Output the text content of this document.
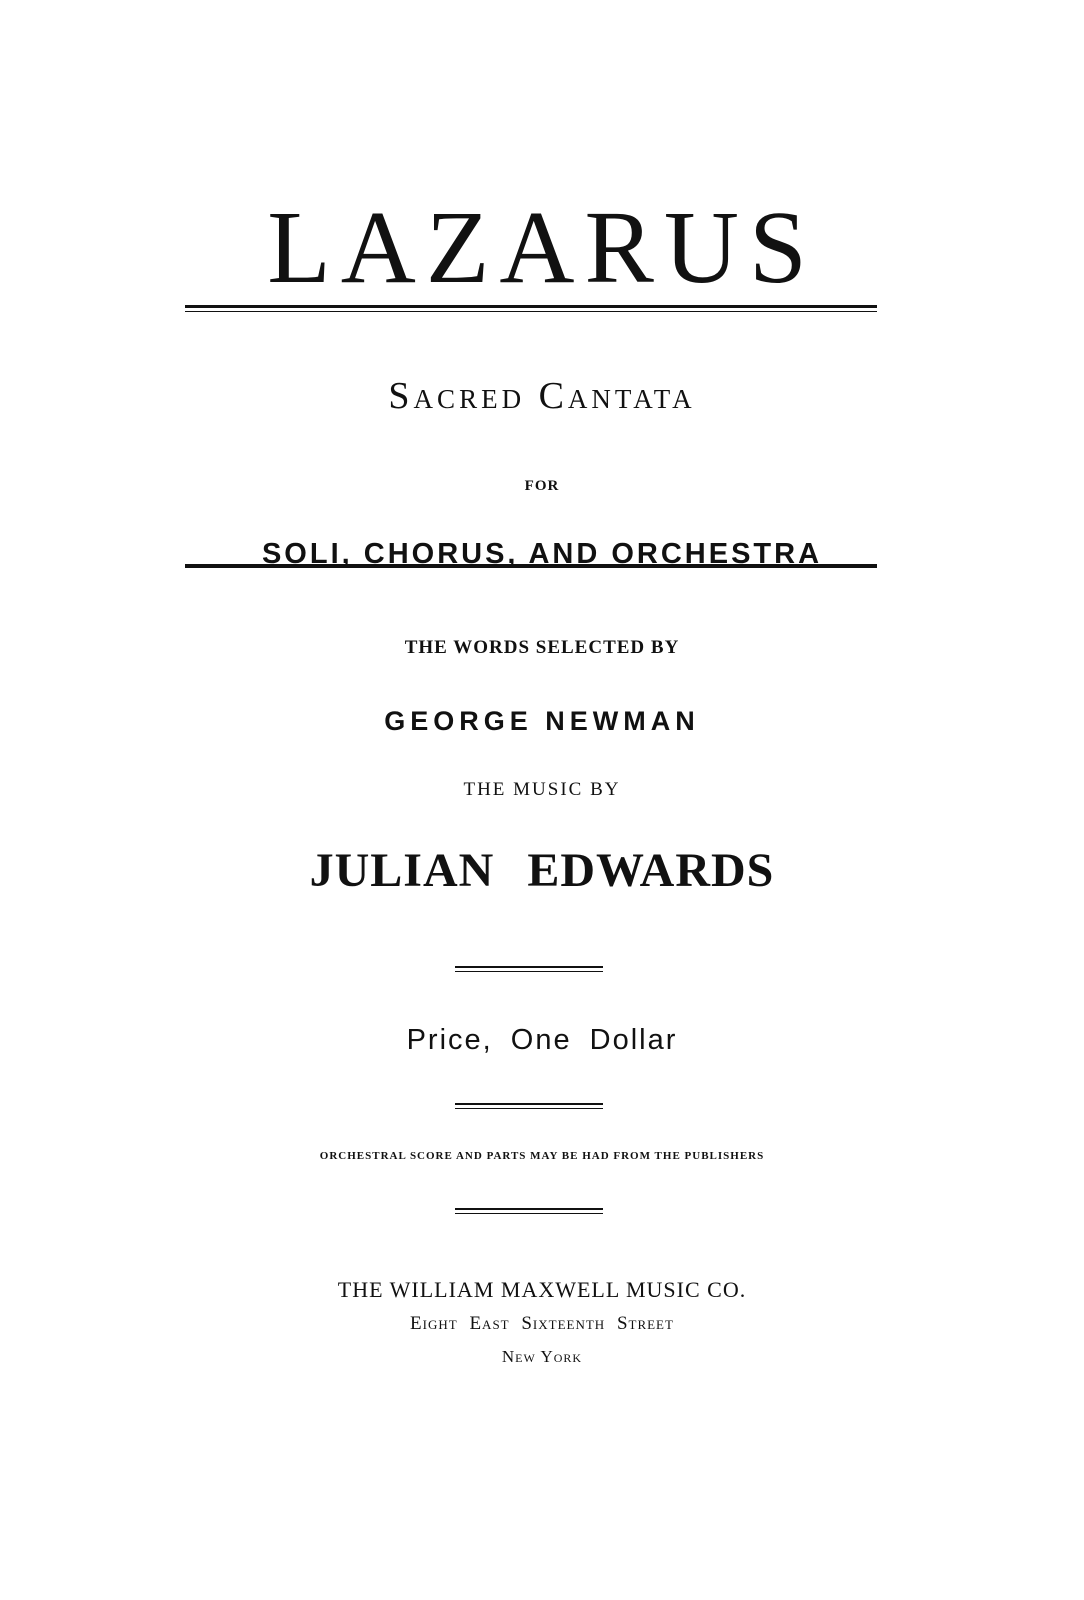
LAZARUS
Sacred Cantata
FOR
SOLI, CHORUS, AND ORCHESTRA
THE WORDS SELECTED BY
GEORGE NEWMAN
THE MUSIC BY
JULIAN EDWARDS
Price, One Dollar
ORCHESTRAL SCORE AND PARTS MAY BE HAD FROM THE PUBLISHERS
THE WILLIAM MAXWELL MUSIC CO.
Eight East Sixteenth Street
New York
